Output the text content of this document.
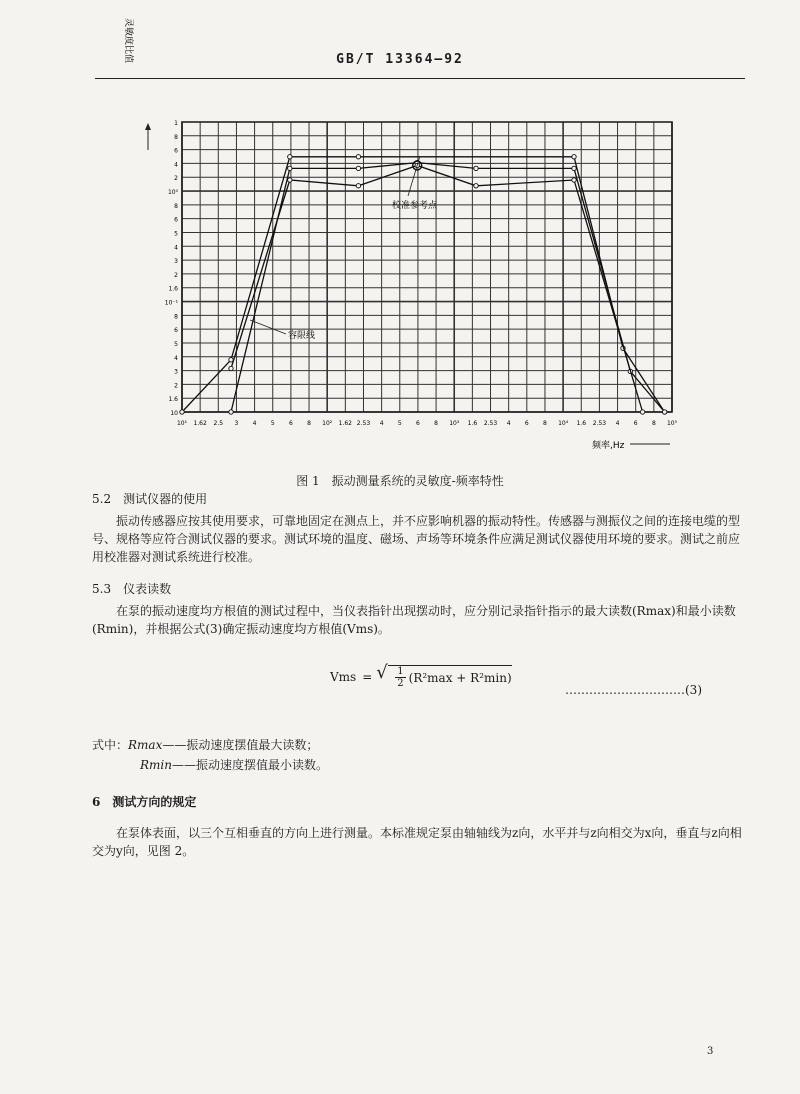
GB/T 13364—92
1
8
6
4
2
10⁰
8
6
5
4
3
2
1.6
10⁻¹
8
6
5
4
3
2
1.6
10
10¹ 1.62 2.5 3 4 5 6 8 10² 1.62 2.53 4 5 6 8 10³ 1.6 2.53 4 6 8 10⁴ 1.6 2.53 4 6 8 10⁵
灵敏度比值
校准参考点
容限线
频率,Hz
图 1　振动测量系统的灵敏度-频率特性
5.2　测试仪器的使用
振动传感器应按其使用要求，可靠地固定在测点上，并不应影响机器的振动特性。传感器与测振仪之间的连接电缆的型号、规格等应符合测试仪器的要求。测试环境的温度、磁场、声场等环境条件应满足测试仪器使用环境的要求。测试之前应用校准器对测试系统进行校准。
5.3　仪表读数
在泵的振动速度均方根值的测试过程中，当仪表指针出现摆动时，应分别记录指针指示的最大读数(Rmax)和最小读数(Rmin)，并根据公式(3)确定振动速度均方根值(Vms)。
Vms =
√ $\frac{1}{2} (R^2\max + R^2\min)$
…………………………(3)
式中：Rmax——振动速度摆值最大读数；
Rmin——振动速度摆值最小读数。
6　测试方向的规定
在泵体表面，以三个互相垂直的方向上进行测量。本标准规定泵由轴轴线为z向，水平并与z向相交为x向，垂直与z向相交为y向，见图 2。
3
